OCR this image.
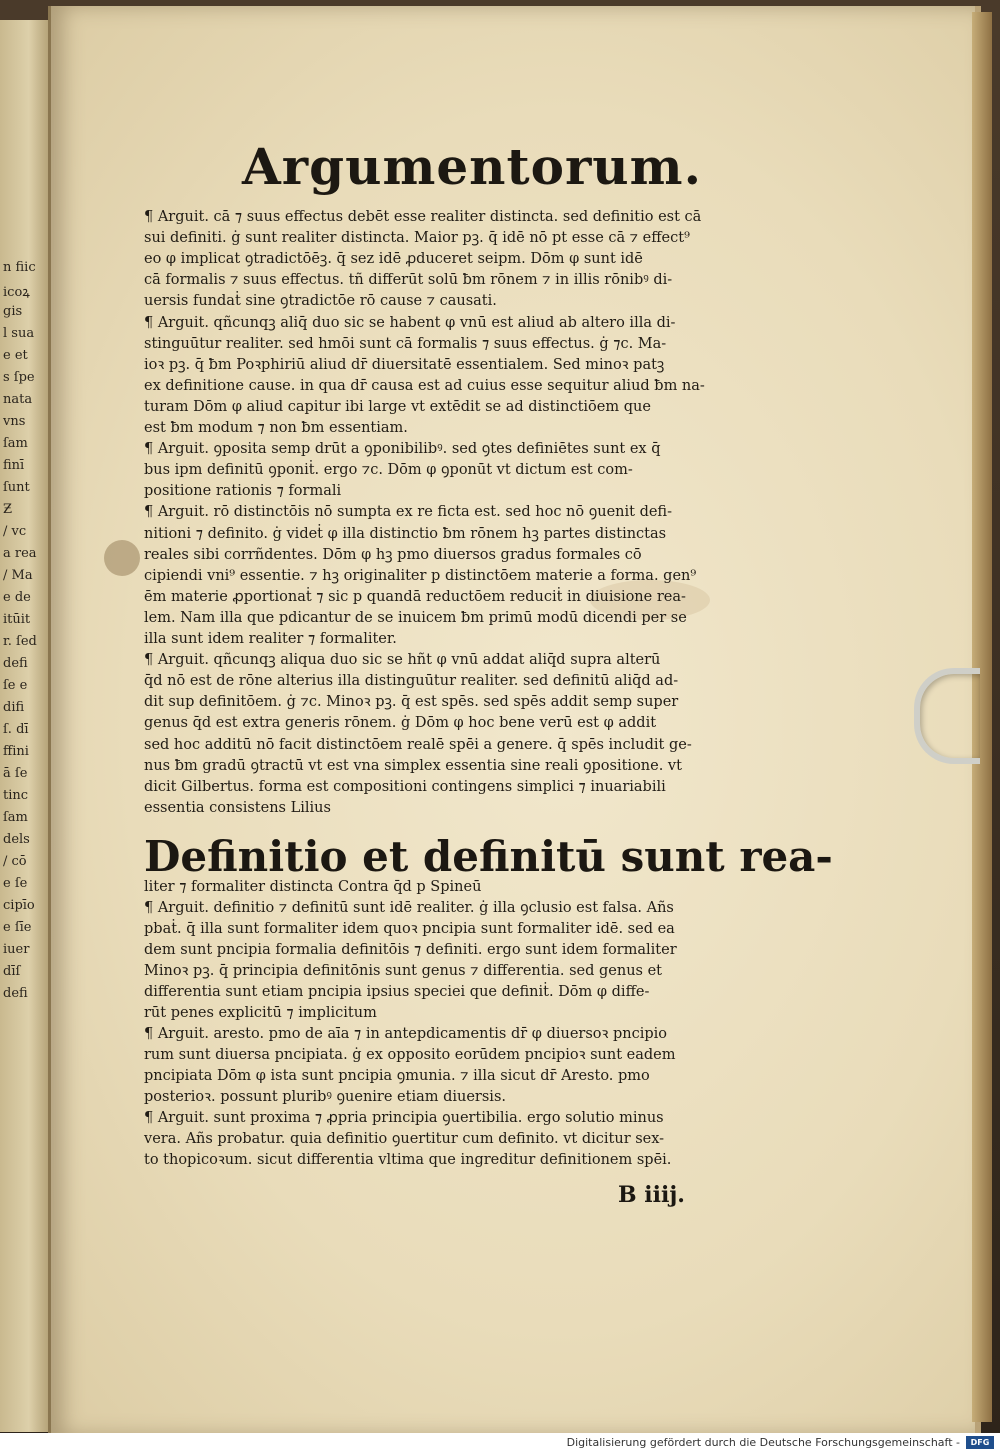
n fiic
icoꝝ
gis
l sua
e et
s ſpe
nata
vns
ſam
finī
ſunt
Ƶ
/ vc
a rea
/ Ma
e de
itūit
r. ſed
defi
ſe e
difi
ſ. dī
ffini
ā ſe
tinc
ſam
dels
/ cō
e ſe
cipīo
e ſīe
iuer
dīſ
defi
Argumentorum.
¶ Arguit. cā ⁊ suus effectus debēt esse realiter distincta. sed definitio est cā
sui definiti. ġ sunt realiter distincta. Maior pꝫ. q̄ idē nō pt esse cā ⁊ effect⁹
eo φ implicat ꝯtradictōēꝫ. q̄ sez idē ꝓduceret seipm. Dōm φ sunt idē
cā formalis ⁊ suus effectus. tñ differūt solū ƀm rōnem ⁊ in illis rōnibꝰ di-
uersis fundaṫ sine ꝯtradictōe rō cause ⁊ causati.
¶ Arguit. qñcunqꝫ aliq̄ duo sic se habent φ vnū est aliud ab altero illa di-
stinguūtur realiter. sed hmōi sunt cā formalis ⁊ suus effectus. ġ ⁊c. Ma-
ioꝛ pꝫ. q̄ ƀm Poꝛphiriū aliud dr̄ diuersitatē essentialem. Sed minoꝛ patꝫ
ex definitione cause. in qua dr̄ causa est ad cuius esse sequitur aliud ƀm na-
turam Dōm φ aliud capitur ibi large vt extēdit se ad distinctiōem que
est ƀm modum ⁊ non ƀm essentiam.
¶ Arguit. ꝯposita semp drūt a ꝯponibilibꝰ. sed ꝯtes definiētes sunt ex q̄
bus ipm definitū ꝯponiṫ. ergo ⁊c. Dōm φ ꝯponūt vt dictum est com-
positione rationis ⁊ formali
¶ Arguit. rō distinctōis nō sumpta ex re ficta est. sed hoc nō ꝯuenit defi-
nitioni ⁊ definito. ġ videṫ φ illa distinctio ƀm rōnem hꝫ partes distinctas
reales sibi corrñdentes. Dōm φ hꝫ pmo diuersos gradus formales cō
cipiendi vni⁹ essentie. ⁊ hꝫ originaliter p distinctōem materie a forma. gen⁹
ēm materie ꝓportionaṫ ⁊ sic p quandā reductōem reduciṫ in diuisione rea-
lem. Nam illa que pdicantur de se inuicem ƀm primū modū dicendi per se
illa sunt idem realiter ⁊ formaliter.
¶ Arguit. qñcunqꝫ aliqua duo sic se hñt φ vnū addat aliq̄d supra alterū
q̄d nō est de rōne alterius illa distinguūtur realiter. sed definitū aliq̄d ad-
dit sup definitōem. ġ ⁊c. Minoꝛ pꝫ. q̄ est spēs. sed spēs addit semp super
genus q̄d est extra generis rōnem. ġ Dōm φ hoc bene verū est φ addit
sed hoc additū nō facit distinctōem realē spēi a genere. q̄ spēs includit ge-
nus ƀm gradū ꝯtractū vt est vna simplex essentia sine reali ꝯpositione. vt
dicit Gilbertus. forma est compositioni contingens simplici ⁊ inuariabili
essentia consistens Lilius
Definitio et definitū sunt rea-
liter ⁊ formaliter distincta Contra q̄d p Spineū
¶ Arguit. definitio ⁊ definitū sunt idē realiter. ġ illa ꝯclusio est falsa. Añs
pbaṫ. q̄ illa sunt formaliter idem quoꝛ pncipia sunt formaliter idē. sed ea
dem sunt pncipia formalia definitōis ⁊ definiti. ergo sunt idem formaliter
Minoꝛ pꝫ. q̄ principia definitōnis sunt genus ⁊ differentia. sed genus et
differentia sunt etiam pncipia ipsius speciei que definiṫ. Dōm φ diffe-
rūt penes explicitū ⁊ implicitum
¶ Arguit. aresto. pmo de aīa ⁊ in antepdicamentis dr̄ φ diuersoꝛ pncipio
rum sunt diuersa pncipiata. ġ ex opposito eorūdem pncipioꝛ sunt eadem
pncipiata Dōm φ ista sunt pncipia ꝯmunia. ⁊ illa sicut dr̄ Aresto. pmo
posterioꝛ. possunt pluribꝰ ꝯuenire etiam diuersis.
¶ Arguit. sunt proxima ⁊ ꝓpria principia ꝯuertibilia. ergo solutio minus
vera. Añs probatur. quia definitio ꝯuertitur cum definito. vt dicitur sex-
to thopicoꝛum. sicut differentia vltima que ingreditur definitionem spēi.
B iiij.
Digitalisierung gefördert durch die Deutsche Forschungsgemeinschaft -	DFG
